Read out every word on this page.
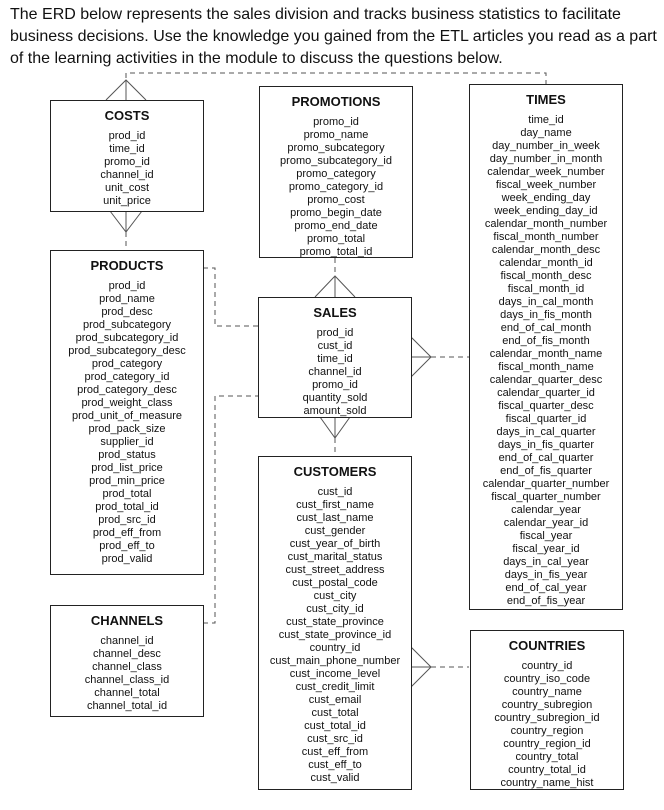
The ERD below represents the sales division and tracks business statistics to facilitate business decisions. Use the knowledge you gained from the ETL articles you read as a part of the learning activities in the module to discuss the questions below.
COSTS
prod_id
time_id
promo_id
channel_id
unit_cost
unit_price
PROMOTIONS
promo_id
promo_name
promo_subcategory
promo_subcategory_id
promo_category
promo_category_id
promo_cost
promo_begin_date
promo_end_date
promo_total
promo_total_id
TIMES
time_id
day_name
day_number_in_week
day_number_in_month
calendar_week_number
fiscal_week_number
week_ending_day
week_ending_day_id
calendar_month_number
fiscal_month_number
calendar_month_desc
calendar_month_id
fiscal_month_desc
fiscal_month_id
days_in_cal_month
days_in_fis_month
end_of_cal_month
end_of_fis_month
calendar_month_name
fiscal_month_name
calendar_quarter_desc
calendar_quarter_id
fiscal_quarter_desc
fiscal_quarter_id
days_in_cal_quarter
days_in_fis_quarter
end_of_cal_quarter
end_of_fis_quarter
calendar_quarter_number
fiscal_quarter_number
calendar_year
calendar_year_id
fiscal_year
fiscal_year_id
days_in_cal_year
days_in_fis_year
end_of_cal_year
end_of_fis_year
PRODUCTS
prod_id
prod_name
prod_desc
prod_subcategory
prod_subcategory_id
prod_subcategory_desc
prod_category
prod_category_id
prod_category_desc
prod_weight_class
prod_unit_of_measure
prod_pack_size
supplier_id
prod_status
prod_list_price
prod_min_price
prod_total
prod_total_id
prod_src_id
prod_eff_from
prod_eff_to
prod_valid
SALES
prod_id
cust_id
time_id
channel_id
promo_id
quantity_sold
amount_sold
CUSTOMERS
cust_id
cust_first_name
cust_last_name
cust_gender
cust_year_of_birth
cust_marital_status
cust_street_address
cust_postal_code
cust_city
cust_city_id
cust_state_province
cust_state_province_id
country_id
cust_main_phone_number
cust_income_level
cust_credit_limit
cust_email
cust_total
cust_total_id
cust_src_id
cust_eff_from
cust_eff_to
cust_valid
CHANNELS
channel_id
channel_desc
channel_class
channel_class_id
channel_total
channel_total_id
COUNTRIES
country_id
country_iso_code
country_name
country_subregion
country_subregion_id
country_region
country_region_id
country_total
country_total_id
country_name_hist
